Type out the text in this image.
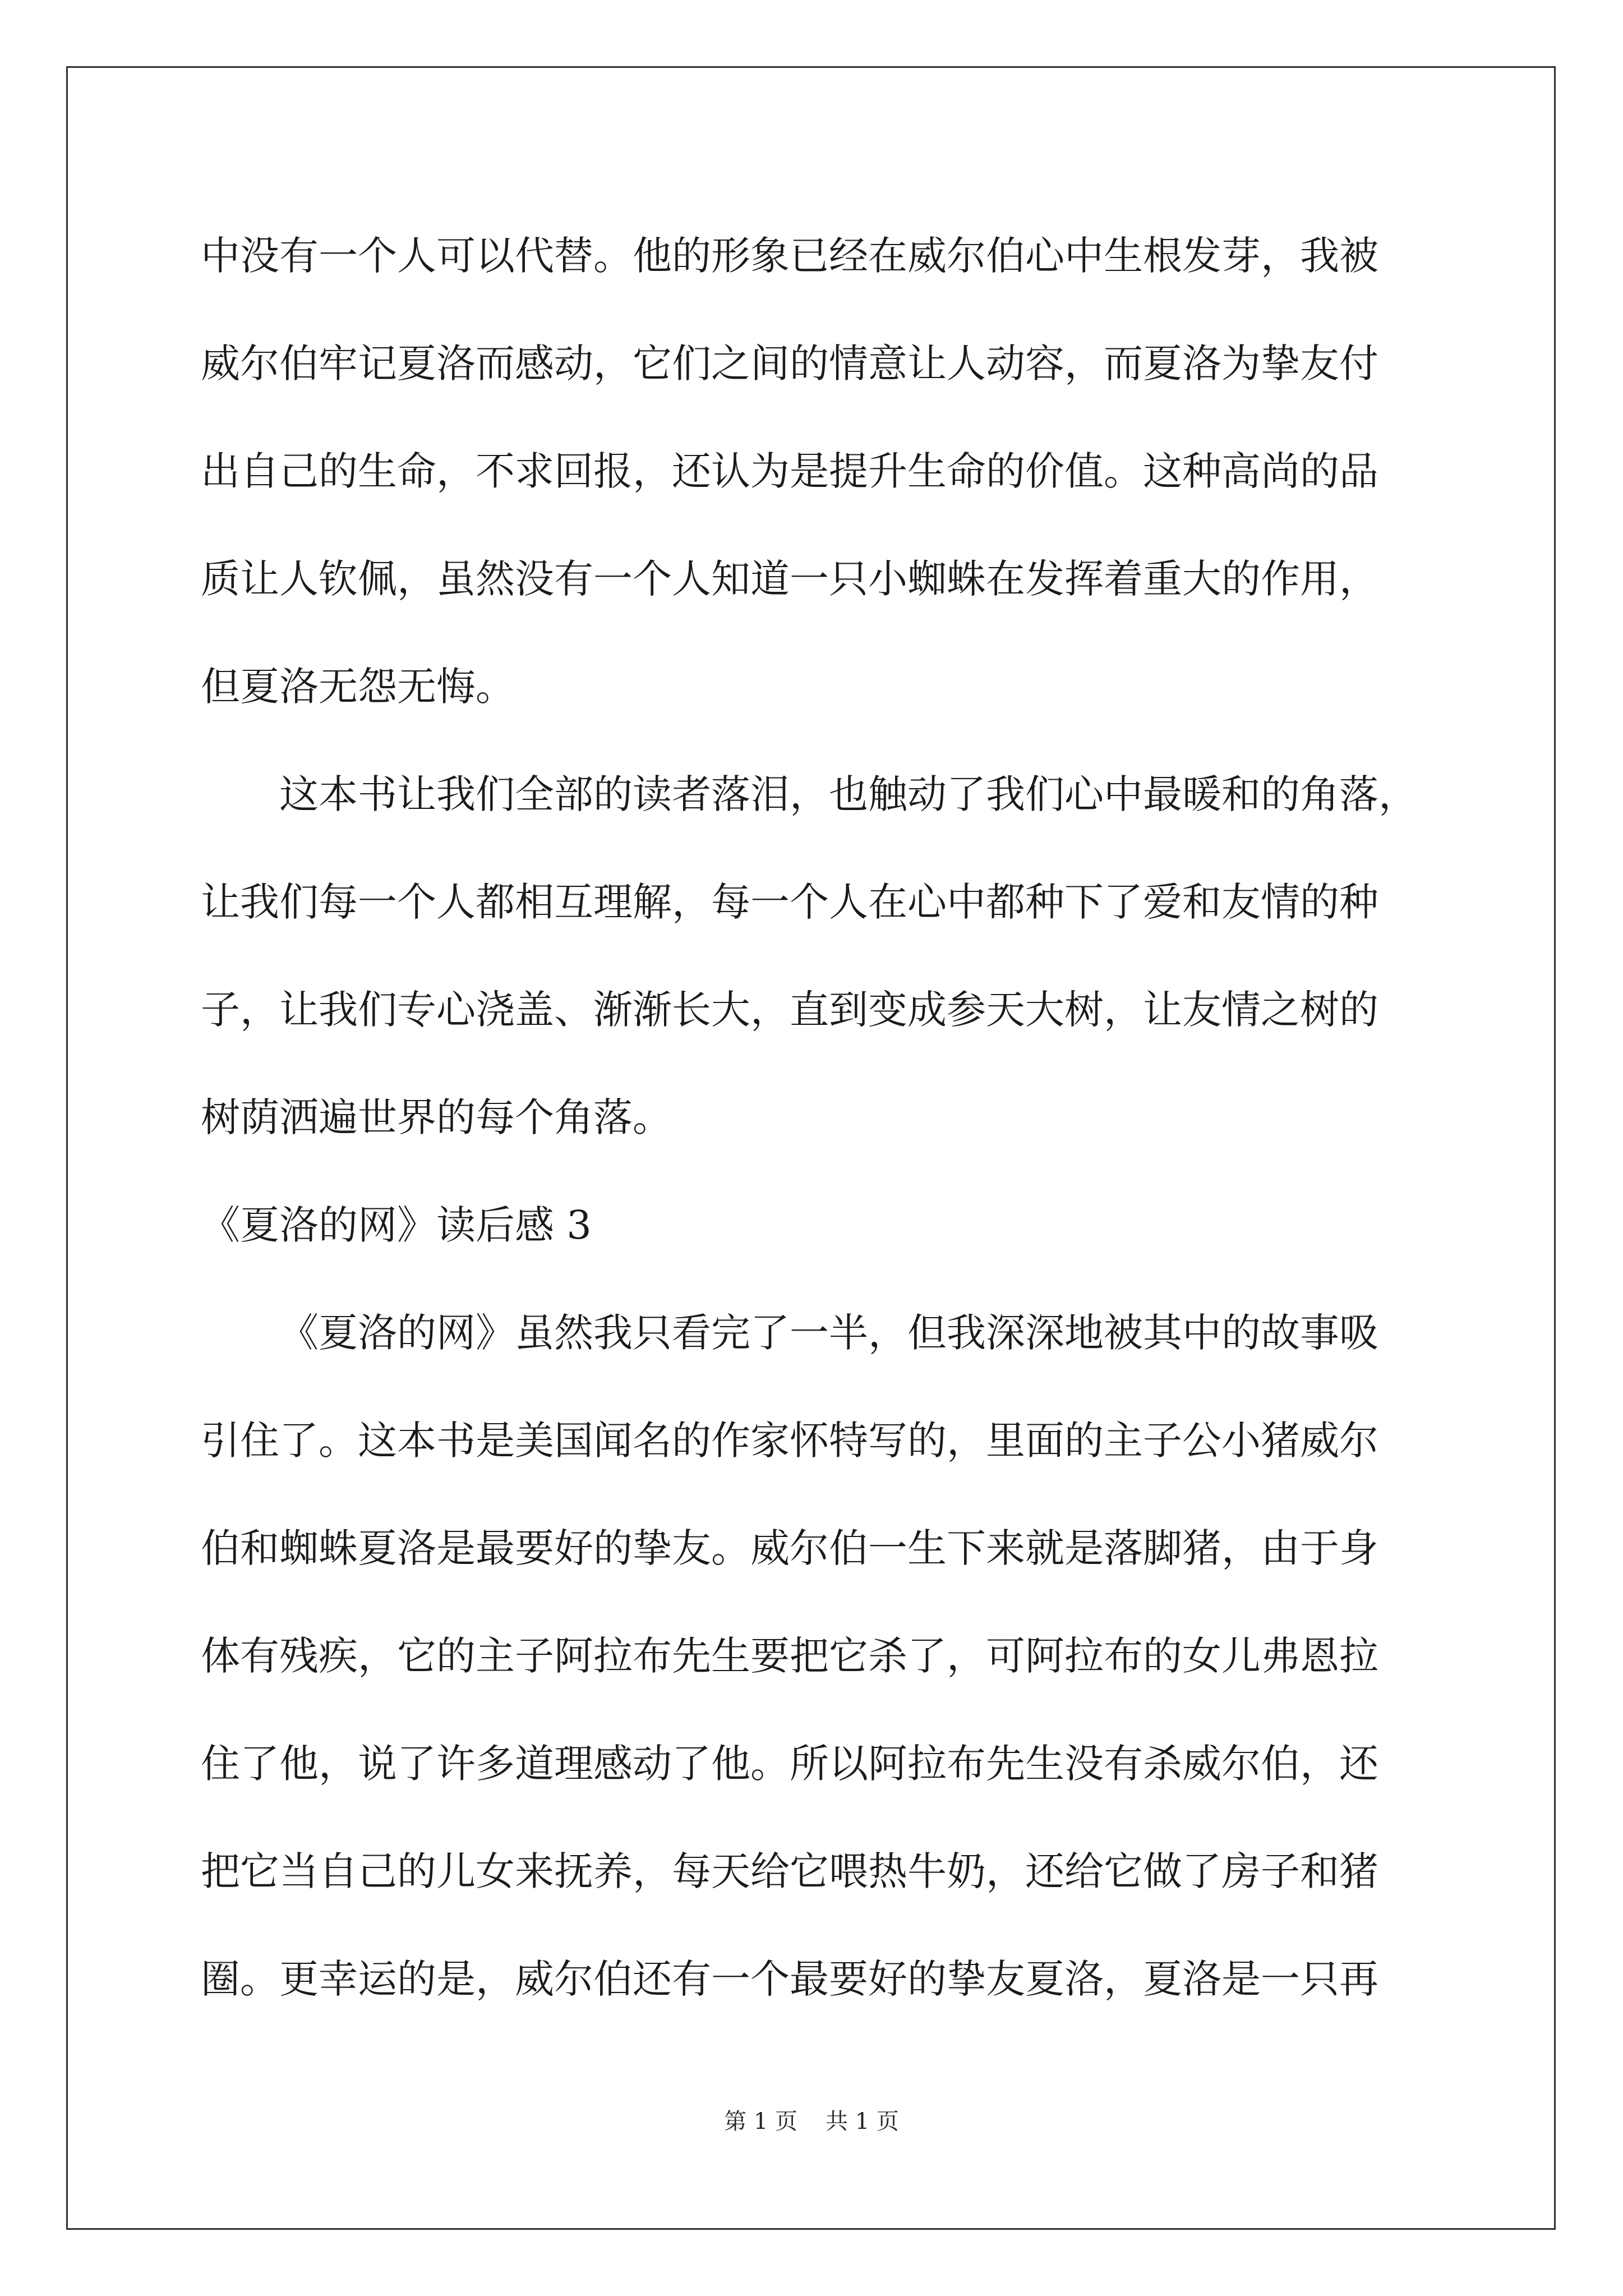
中没有一个人可以代替。他的形象已经在威尔伯心中生根发芽，我被
威尔伯牢记夏洛而感动，它们之间的情意让人动容，而夏洛为挚友付
出自己的生命，不求回报，还认为是提升生命的价值。这种高尚的品
质让人钦佩，虽然没有一个人知道一只小蜘蛛在发挥着重大的作用，
但夏洛无怨无悔。
这本书让我们全部的读者落泪，也触动了我们心中最暖和的角落，
让我们每一个人都相互理解，每一个人在心中都种下了爱和友情的种
子，让我们专心浇盖、渐渐长大，直到变成参天大树，让友情之树的
树荫洒遍世界的每个角落。
《夏洛的网》读后感 3
《夏洛的网》虽然我只看完了一半，但我深深地被其中的故事吸
引住了。这本书是美国闻名的作家怀特写的，里面的主子公小猪威尔
伯和蜘蛛夏洛是最要好的挚友。威尔伯一生下来就是落脚猪，由于身
体有残疾，它的主子阿拉布先生要把它杀了，可阿拉布的女儿弗恩拉
住了他，说了许多道理感动了他。所以阿拉布先生没有杀威尔伯，还
把它当自己的儿女来抚养，每天给它喂热牛奶，还给它做了房子和猪
圈。更幸运的是，威尔伯还有一个最要好的挚友夏洛，夏洛是一只再
第 1 页 共 1 页
